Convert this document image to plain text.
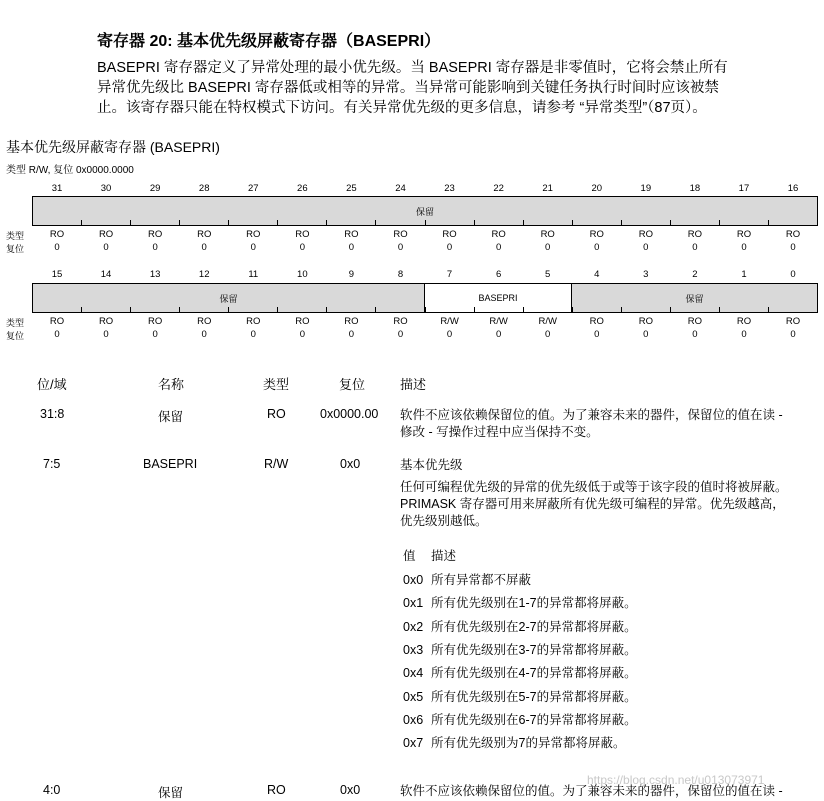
寄存器 20: 基本优先级屏蔽寄存器（BASEPRI）
BASEPRI 寄存器定义了异常处理的最小优先级。当 BASEPRI 寄存器是非零值时，它将会禁止所有
异常优先级比 BASEPRI 寄存器低或相等的异常。当异常可能影响到关键任务执行时间时应该被禁
止。该寄存器只能在特权模式下访问。有关异常优先级的更多信息，请参考 “异常类型”（87页）。
基本优先级屏蔽寄存器 (BASEPRI)
类型 R/W, 复位 0x0000.0000
31	30	29	28	27	26	25	24	23	22	21	20	19	18	17	16
保留
类型
复位
RO	RO	RO	RO	RO	RO	RO	RO	RO	RO	RO	RO	RO	RO	RO	RO
0	0	0	0	0	0	0	0	0	0	0	0	0	0	0	0
15	14	13	12	11	10	9	8	7	6	5	4	3	2	1	0
保留	BASEPRI	保留
类型
复位
RO	RO	RO	RO	RO	RO	RO	RO	R/W	R/W	R/W	RO	RO	RO	RO	RO
0	0	0	0	0	0	0	0	0	0	0	0	0	0	0	0
位/域	名称	类型	复位	描述
31:8	保留	RO	0x0000.00 软件不应该依赖保留位的值。为了兼容未来的器件，保留位的值在读 -
修改 - 写操作过程中应当保持不变。
7:5	BASEPRI	R/W	0x0	基本优先级
任何可编程优先级的异常的优先级低于或等于该字段的值时将被屏蔽。
PRIMASK 寄存器可用来屏蔽所有优先级可编程的异常。优先级越高，
优先级别越低。
值 描述
0x0 所有异常都不屏蔽
0x1 所有优先级别在1-7的异常都将屏蔽。
0x2 所有优先级别在2-7的异常都将屏蔽。
0x3 所有优先级别在3-7的异常都将屏蔽。
0x4 所有优先级别在4-7的异常都将屏蔽。
0x5 所有优先级别在5-7的异常都将屏蔽。
0x6 所有优先级别在6-7的异常都将屏蔽。
0x7 所有优先级别为7的异常都将屏蔽。
4:0	保留	RO	0x0	软件不应该依赖保留位的值。为了兼容未来的器件，保留位的值在读 -
https://blog.csdn.net/u013073971
